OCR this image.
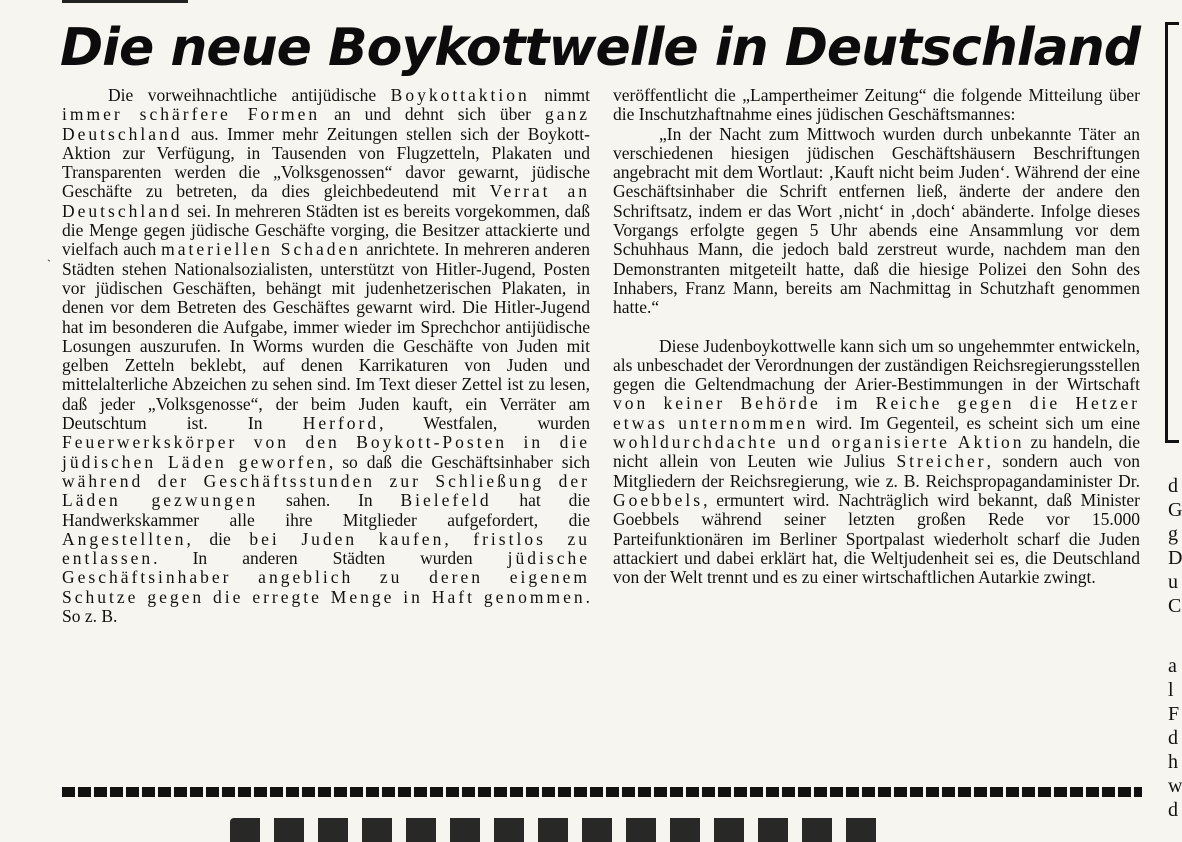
Die neue Boykottwelle in Deutschland

Die vorweihnachtliche antijüdische Boykottaktion nimmt immer schärfere Formen an und dehnt sich über ganz Deutschland aus. Immer mehr Zeitungen stellen sich der Boykott-Aktion zur Verfügung, in Tausenden von Flugzetteln, Plakaten und Transparenten werden die „Volksgenossen“ davor gewarnt, jüdische Geschäfte zu betreten, da dies gleichbedeutend mit Verrat an Deutschland sei. In mehreren Städten ist es bereits vorgekommen, daß die Menge gegen jüdische Geschäfte vorging, die Besitzer attackierte und vielfach auch materiellen Schaden anrichtete. In mehreren anderen Städten stehen Nationalsozialisten, unterstützt von Hitler-Jugend, Posten vor jüdischen Geschäften, behängt mit judenhetzerischen Plakaten, in denen vor dem Betreten des Geschäftes gewarnt wird. Die Hitler-Jugend hat im besonderen die Aufgabe, immer wieder im Sprechchor antijüdische Losungen auszurufen. In Worms wurden die Geschäfte von Juden mit gelben Zetteln beklebt, auf denen Karrikaturen von Juden und mittelalterliche Abzeichen zu sehen sind. Im Text dieser Zettel ist zu lesen, daß jeder „Volksgenosse“, der beim Juden kauft, ein Verräter am Deutschtum ist. In Herford, Westfalen, wurden Feuerwerkskörper von den Boykott-Posten in die jüdischen Läden geworfen, so daß die Geschäftsinhaber sich während der Geschäftsstunden zur Schließung der Läden gezwungen sahen. In Bielefeld hat die Handwerkskammer alle ihre Mitglieder aufgefordert, die Angestellten, die bei Juden kaufen, fristlos zu entlassen. In anderen Städten wurden jüdische Geschäftsinhaber angeblich zu deren eigenem Schutze gegen die erregte Menge in Haft genommen. So z. B.

veröffentlicht die „Lampertheimer Zeitung“ die folgende Mitteilung über die Inschutzhaftnahme eines jüdischen Geschäftsmannes:

„In der Nacht zum Mittwoch wurden durch unbekannte Täter an verschiedenen hiesigen jüdischen Geschäftshäusern Beschriftungen angebracht mit dem Wortlaut: ‚Kauft nicht beim Juden‘. Während der eine Geschäftsinhaber die Schrift entfernen ließ, änderte der andere den Schriftsatz, indem er das Wort ‚nicht‘ in ‚doch‘ abänderte. Infolge dieses Vorgangs erfolgte gegen 5 Uhr abends eine Ansammlung vor dem Schuhhaus Mann, die jedoch bald zerstreut wurde, nachdem man den Demonstranten mitgeteilt hatte, daß die hiesige Polizei den Sohn des Inhabers, Franz Mann, bereits am Nachmittag in Schutzhaft genommen hatte.“

Diese Judenboykottwelle kann sich um so ungehemmter entwickeln, als unbeschadet der Verordnungen der zuständigen Reichsregierungsstellen gegen die Geltendmachung der Arier-Bestimmungen in der Wirtschaft von keiner Behörde im Reiche gegen die Hetzer etwas unternommen wird. Im Gegenteil, es scheint sich um eine wohldurchdachte und organisierte Aktion zu handeln, die nicht allein von Leuten wie Julius Streicher, sondern auch von Mitgliedern der Reichsregierung, wie z. B. Reichspropagandaminister Dr. Goebbels, ermuntert wird. Nachträglich wird bekannt, daß Minister Goebbels während seiner letzten großen Rede vor 15.000 Parteifunktionären im Berliner Sportpalast wiederholt scharf die Juden attackiert und dabei erklärt hat, die Weltjudenheit sei es, die Deutschland von der Welt trennt und es zu einer wirtschaftlichen Autarkie zwingt.

d
G
g
D
u
C
a
l
F
d
h
w
d
`
